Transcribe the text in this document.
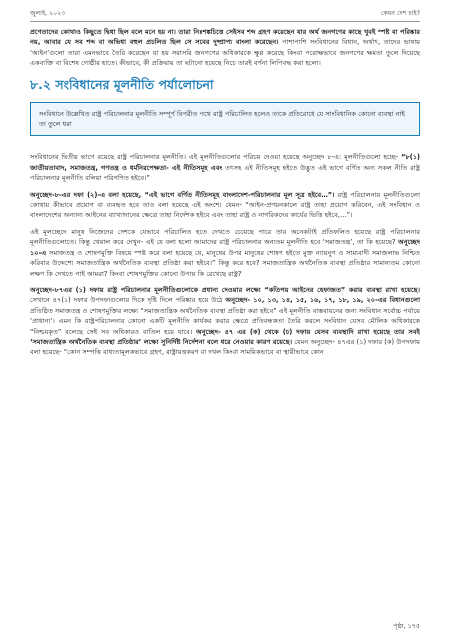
জুলাই, ২০২৩	কেমন দেশ চাই?

প্রণেতাদের কোথাও কিছুতে দ্বিধা ছিল বলে মনে হয় না। তারা নিঃশঙ্কচিত্তে সেইসব শব্দ গ্রহণ করেছেন যার অর্থ জনগণের কাছে খুবই স্পষ্ট বা পরিষ্কার নয়, আবার যে সব শব্দ বা অভিধা বহুল প্রচলিত ছিল সে সবের দুষ্প্রাপ্য বাংলা করেছেন। পাশাপাশি সংবিধানের বিধান, অর্থাৎ, তাদের ভাষায় ‘আইন’গুলো তারা এমনভাবে তৈরি করেছেন যা হয় সরাসরি জনগণের অধিকারকে ক্ষুণ্ণ করেছে কিংবা পরোক্ষভাবে জনগণের ক্ষমতা তুলে দিয়েছে একব্যক্তি বা বিশেষ গোষ্ঠীর হাতে। কীভাবে, কী প্রক্রিয়ায় তা ঘটানো হয়েছে নিচে তারই বর্ণনা লিপিবদ্ধ করা হলো।

৮.২ সংবিধানের মূলনীতি পর্যালোচনা
সংবিধানে উল্লেখিত রাষ্ট্র পরিচালনার মূলনীতি সম্পূর্ণ বিপরীত পথে রাষ্ট্র পরিচালিত হলেও তাকে প্রতিরোধে যে সাংবিধানিক কোনো ব্যবস্থা নাই তা তুলে ধরা

সংবিধানের দ্বিতীয় ভাগে রয়েছে রাষ্ট্র পরিচালনার মূলনীতি। এই মূলনীতিগুলোর পরিচয় দেওয়া হয়েছে অনুচ্ছেদ ৮-এ: মূলনীতিগুলো হচ্ছে- “৮(১) জাতীয়তাবাদ, সমাজতন্ত্র, গণতন্ত্র ও ধর্মনিরপেক্ষতা- এই নীতিসমূহ এবং তৎসহ এই নীতিসমূহ হইতে উদ্ভূত এই ভাগে বর্ণিত অন্য সকল নীতি রাষ্ট্র পরিচালনার মূলনীতি বলিয়া পরিগণিত হইবে।”

অনুচ্ছেদ-৮-এর দফা (২)-এ বলা হয়েছে, “এই ভাগে বর্ণিত নীতিসমূহ বাংলাদেশ-পরিচালনার মূল সূত্র হইবে…”। রাষ্ট্র পরিচালনায় মূলনীতিগুলো কোথায় কীভাবে প্রয়োগ বা ব্যবহৃত হবে তাও বলা হয়েছে এই অংশে। যেমন- “আইন-প্রণয়নকালে রাষ্ট্র তাহা প্রয়োগ করিবেন, এই সংবিধান ও বাংলাদেশের অন্যান্য আইনের ব্যাখ্যাদানের ক্ষেত্রে তাহা নির্দেশক হইবে এবং তাহা রাষ্ট্র ও নাগরিকদের কার্যের ভিত্তি হইবে,…”।

এই মূলচ্ছেদে মানুষ নিজেদের দেশকে যেভাবে পরিচালিত হতে দেখতে চেয়েছে পারে তার অনেকটাই প্রতিফলিত হয়েছে রাষ্ট্র পরিচালনার মূলনীতিগুলোতে। কিন্তু খেয়াল করে দেখুন- এই যে বলা হলো আমাদের রাষ্ট্র পরিচালনার অন্যতম মূলনীতি হবে ‘সমাজতন্ত্র’, তা কি হয়েছে? অনুচ্ছেদ ১০-এ সমাজতন্ত্র ও শোষণমুক্তি বিষয়ে স্পষ্ট করে বলা হয়েছে যে, মানুষের উপর মানুষের শোষণ হইতে মুক্ত ন্যায়নুগ ও সাম্যবাদী সমাজলাভ নিশ্চিত করিবার উদ্দেশ্যে সমাজতান্ত্রিক অর্থনৈতিক ব্যবস্থা প্রতিষ্ঠা করা হইবে।” কিন্তু করে হবে? সমাজতান্ত্রিক অর্থনৈতিক ব্যবস্থা প্রতিষ্ঠার সামান্যতম কোনো লক্ষণ কি দেখতে পাই আমরা? কিংবা শোষণমুক্তির কোনো উপায় কি রেখেছে রাষ্ট্র?

অনুচ্ছেদ-৮৭এর (১) দফায় রাষ্ট্র পরিচালনার মূলনীতিগুলোকে প্রধান্য দেওয়ার লক্ষ্যে “কতিপয় আইনের হেফাজত” করার ব্যবস্থা রাখা হয়েছে। সেখানে ৪৭(১) দফার উপদফাগুলোর দিকে দৃষ্টি দিলে পরিষ্কার হয়ে উঠে অনুচ্ছেদ- ১০, ১৩, ১৪, ১৫, ১৬, ১৭, ১৮, ১৯, ২০-এর বিধানগুলো প্রতিষ্ঠিত সমাজতন্ত্র ও শোষণমুক্তির লক্ষ্যে “সমাজতান্ত্রিক অর্থনৈতিক ব্যবস্থা প্রতিষ্ঠা করা হইবে” এই মূলনীতি বাস্তবায়নের জন্য সংবিধান সর্বোচ্চ পর্যায়ে ‘প্রাধান্য’। এমন কি রাষ্ট্রপরিচালনার কোনো একটি মূলনীতি কার্যকর করার ক্ষেত্রে প্রতিবন্ধকতা তৈরি করলে সংবিধান যেসব মৌলিক অধিকারকে “নিশ্চয়কৃত” বলেছে সেই সব অধিকারও বাতিল হয়ে যাবে। অনুচ্ছেদ- ৪৭ এর (ক) থেকে (চ) দফায় যেসব ব্যবস্থাদি রাখা হয়েছে তার সবই ‘সমাজতান্ত্রিক অর্থনৈতিক ব্যবস্থা প্রতিষ্ঠার’ লক্ষ্যে সুনির্দিষ্ট নির্দেশনা বলে ধরে নেওয়ার কারণ রয়েছে। যেমন অনুচ্ছেদ- ৪৭এর (১) দফার (ক) উপদফায় বলা হয়েছে- “কোন সম্পত্তি বাধ্যতামূলকভাবে গ্রহণ, রাষ্ট্রায়ত্তকরণ বা দখল কিংবা সাময়িকভাবে বা স্থায়ীভাবে কোন

পৃষ্ঠা, ১৭৫
